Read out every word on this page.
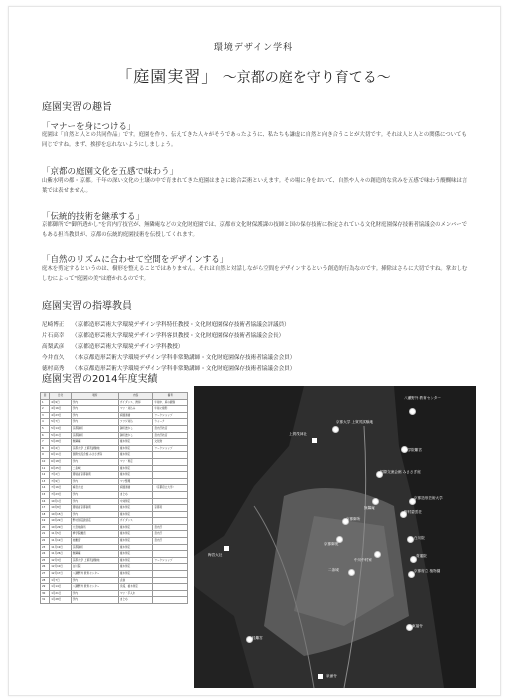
環境デザイン学科
「庭園実習」 ～京都の庭を守り育てる～
庭園実習の趣旨
「マナーを身につける」

庭園は「自然と人との共同作品」です。庭園を作り、伝えてきた人々がそうであったように、私たちも謙虚に自然と向き合うことが大切です。それは人と人との関係についても同じですね。まず、挨拶を忘れないようにしましょう。

「京都の庭園文化を五感で味わう」

山紫水明の都・京都。千年の深い文化の土壌の中で育まれてきた庭園はまさに総合芸術といえます。その場に身をおいて、自然や人々の創造的な営みを五感で味わう醍醐味は言葉では表せません。

「伝統的技術を継承する」

京都御所で"御所透かし"を宮内庁技官が、無隣庵などの文化財庭園では、京都市文化財保護課の技師と国の保存技術に指定されている文化財庭園保存技術者協議会のメンバーでもある担当教員が、京都の伝統的庭園技術を伝授してくれます。

「自然のリズムに合わせて空間をデザインする」

庭木を剪定するというのは、樹形を整えることではありません。それは自然と対話しながら空間をデザインするという創造的行為なのです。挿除はさらに大切ですね。掌おしむしむによって"庭園の美"は磨かれるのです。

庭園実習の指導教員
尼崎博正	（京都造形芸術大学環境デザイン学科特任教授・文化財庭園保存技術者協議会評議員）
片石高幸	（京都造形芸術大学環境デザイン学科客員教授・文化財庭園保存技術者協議会会長）
高梨武彦	（京都造形芸術大学環境デザイン学科教授）
今井直久	（本京都造形芸術大学環境デザイン学科非常勤講師・文化財庭園保存技術者協議会会員）
徳村高秀	（本京都造形芸術大学環境デザイン学科非常勤講師・文化財庭園保存技術者協議会会員）
庭園実習の2014年度実績
回	日付	場所	内容	備考
1	4月9日	学内	ガイダンス、挨拶	午前中、庭の観察
2	4月16日	学内	マツ・刈込み	午前に樹形
3	4月23日	学内	庭園清掃	ワークショップ
4	5月7日	学内	ツツジ刈込	ウォーク
5	5月14日	京都御所	御所透かし	宮内庁技官
6	5月21日	京都御所	御所透かし	宮内庁技官
7	5月28日	無隣庵	植木剪定	文化財
8	6月4日	京都大学 上賀茂試験地	植木剪定	ワークショップ
9	6月11日	国際交流会館 みささぎ庭	植木剪定	
10	6月18日	学内	マツ・剪定	
11	6月25日	二条城	植木剪定	
12	7月2日	環境省京都御苑	植木剪定	
13	7月9日	学内	マツ整理	
14	7月16日	梅宮大社	庭園清掃	（京都府立大学）
15	7月23日	学内	まとめ	
16	10月1日	学内	中刈剪定	
17	10月8日	環境省京都御苑	植木剪定	京都府
18	10月15日	学内	植木剪定	
19	10月22日	野村別荘碧雲荘	ガイダンス	
20	10月29日	大宮地御所	植木剪定	宮内庁
21	11月5日	修学院離宮	植木剪定	宮内庁
22	11月12日	桂離宮	植木剪定	宮内庁
23	11月19日	京都御所	植木剪定	
24	11月26日	無隣庵	植木剪定	
25	12月3日	京都大学 上賀茂試験地	植木剪定	ワークショップ
26	12月10日	白川院	植木剪定	
27	12月17日	八瀬野外 教育センター	植木剪定	
28	1月7日	学内	点検	
29	1月14日	八瀬野外 教育センター	伐採、植木剪定	
30	1月21日	学内	マツ・手入れ	
31	1月28日	学内	まとめ	
八瀬野外 教育センター
京都大学 上賀茂試験地
上賀茂神社
修学院離宮
国際交流会館 みささぎ庭
京都造形芸術大学
無隣庵
野村碧雲荘
京都御所
京都御苑
中川中村家
二条城
梅宮大社
白川院
青蓮院
京都府立 植物園
桂離宮
東福寺
泉涌寺
